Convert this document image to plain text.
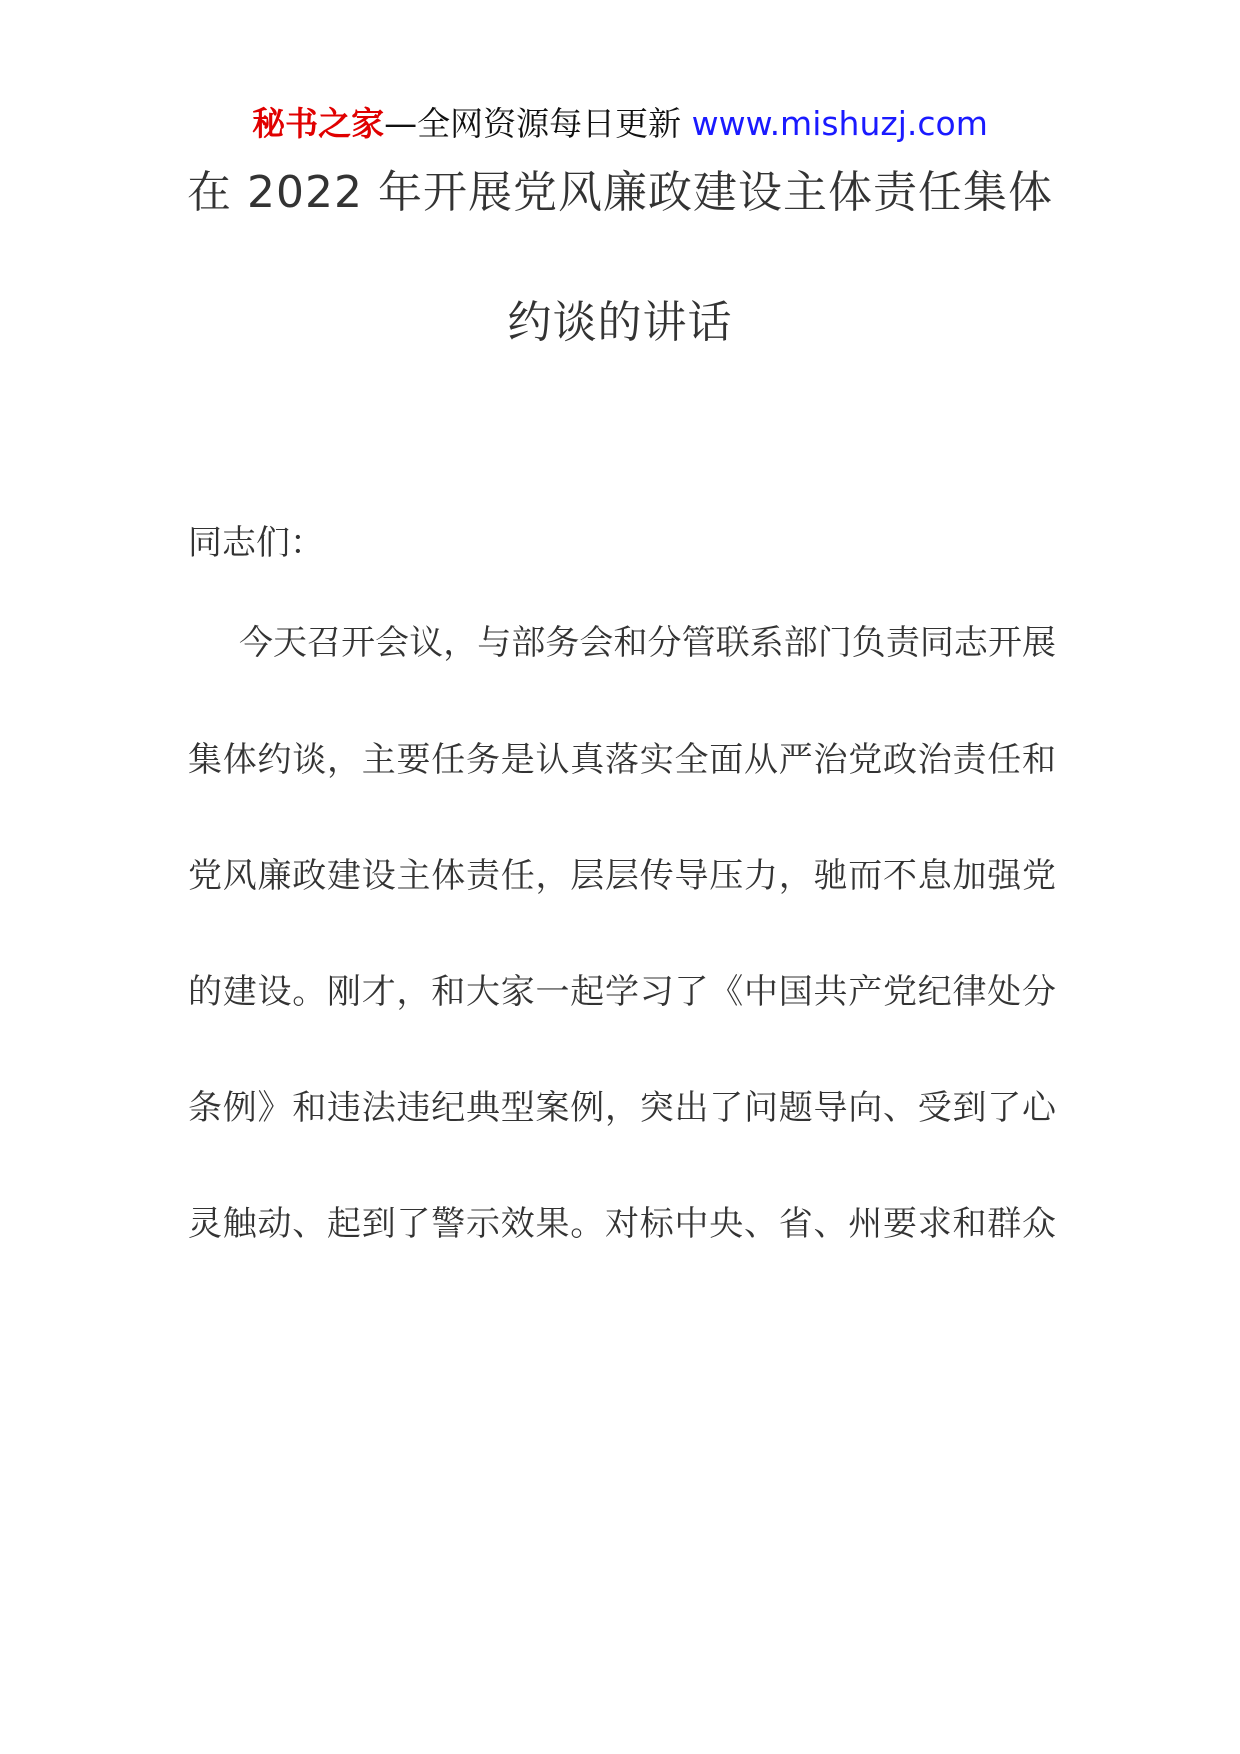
秘书之家—全网资源每日更新 www.mishuzj.com
在 2022 年开展党风廉政建设主体责任集体
约谈的讲话
同志们：
今天召开会议，与部务会和分管联系部门负责同志开展
集体约谈，主要任务是认真落实全面从严治党政治责任和
党风廉政建设主体责任，层层传导压力，驰而不息加强党
的建设。刚才，和大家一起学习了《中国共产党纪律处分
条例》和违法违纪典型案例，突出了问题导向、受到了心
灵触动、起到了警示效果。对标中央、省、州要求和群众
